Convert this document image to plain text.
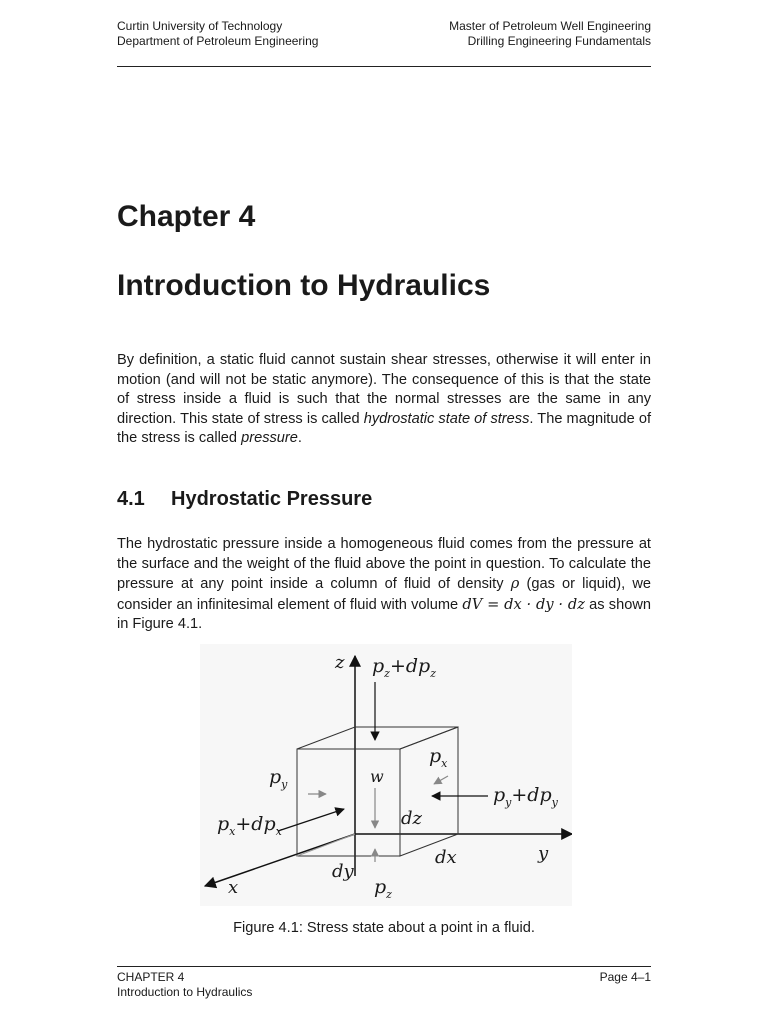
Curtin University of Technology
Department of Petroleum Engineering
Master of Petroleum Well Engineering
Drilling Engineering Fundamentals
Chapter 4
Introduction to Hydraulics
By definition, a static fluid cannot sustain shear stresses, otherwise it will enter in motion (and will not be static anymore). The consequence of this is that the state of stress inside a fluid is such that the normal stresses are the same in any direction. This state of stress is called hydrostatic state of stress. The magnitude of the stress is called pressure.
4.1 Hydrostatic Pressure
The hydrostatic pressure inside a homogeneous fluid comes from the pressure at the surface and the weight of the fluid above the point in question. To calculate the pressure at any point inside a column of fluid of density ρ (gas or liquid), we consider an infinitesimal element of fluid with volume dV = dx · dy · dz as shown in Figure 4.1.
z
y
x
$p_z+dp_z$
$p_x$
$p_y$	w
$p_y+dp_y$
$p_x+dp_x$
dz
dx
dy
$p_z$
Figure 4.1: Stress state about a point in a fluid.
CHAPTER 4
Introduction to Hydraulics
Page 4–1
